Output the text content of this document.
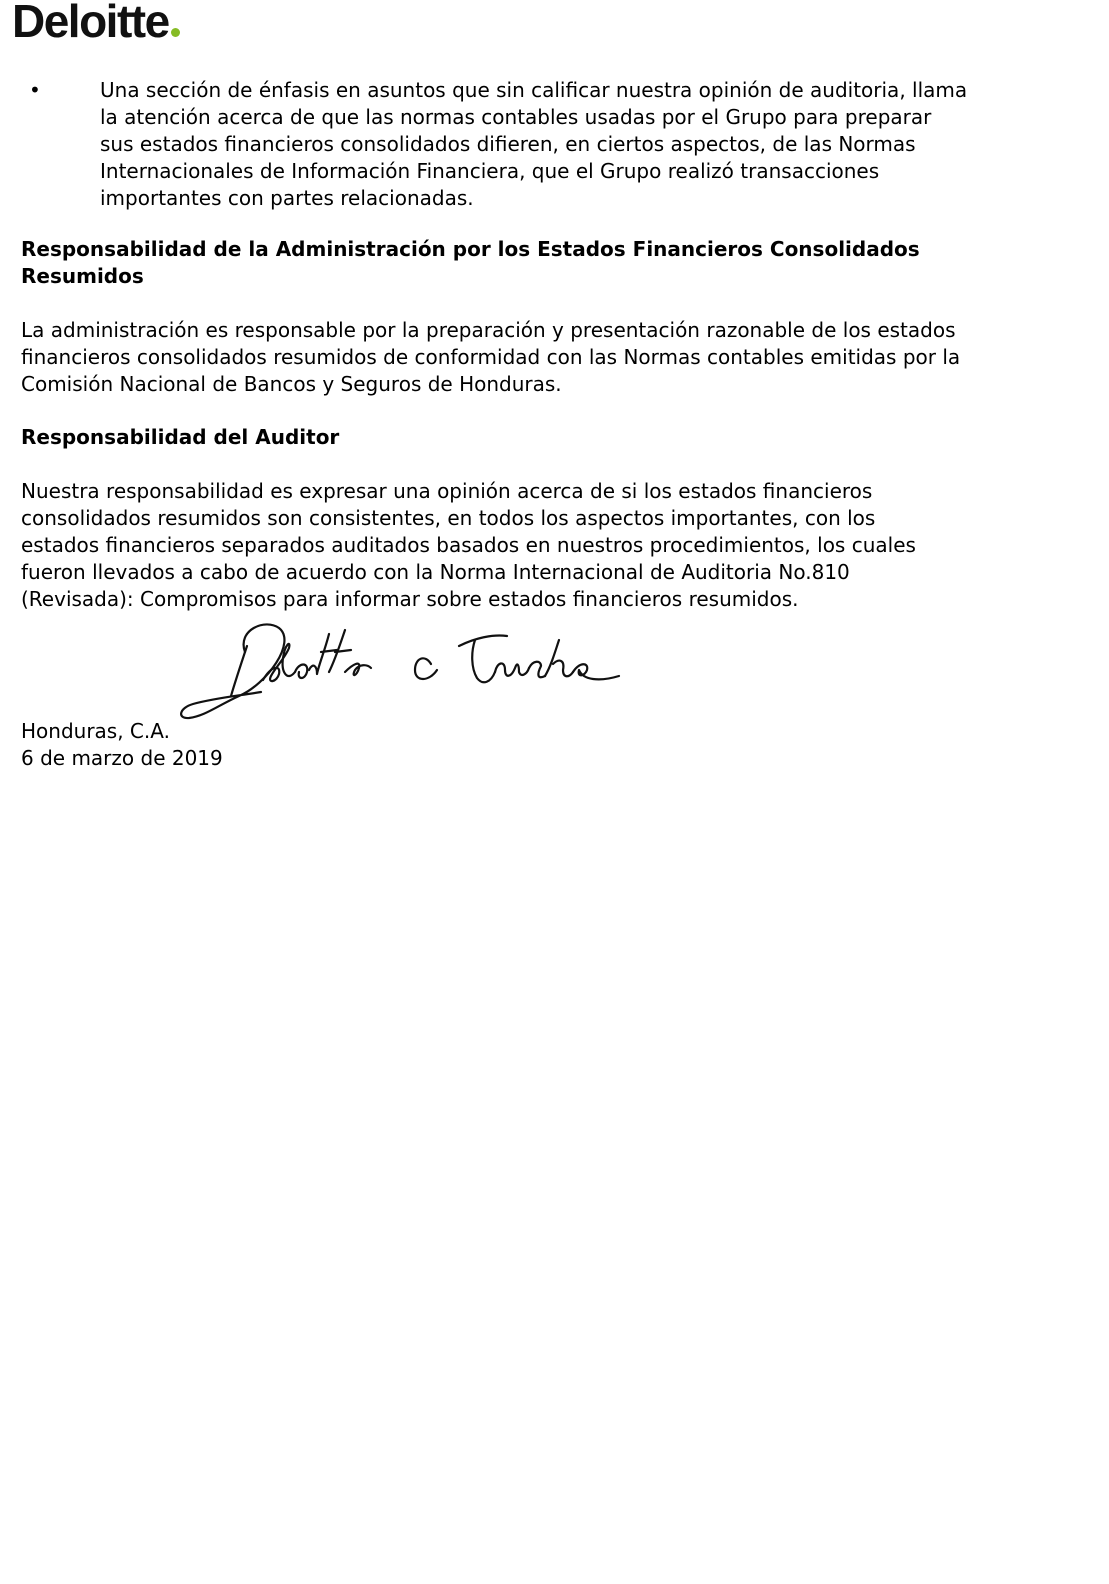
Deloitte
•	Una sección de énfasis en asuntos que sin calificar nuestra opinión de auditoria, llama
la atención acerca de que las normas contables usadas por el Grupo para preparar
sus estados financieros consolidados difieren, en ciertos aspectos, de las Normas
Internacionales de Información Financiera, que el Grupo realizó transacciones
importantes con partes relacionadas.
Responsabilidad de la Administración por los Estados Financieros Consolidados
Resumidos
La administración es responsable por la preparación y presentación razonable de los estados
financieros consolidados resumidos de conformidad con las Normas contables emitidas por la
Comisión Nacional de Bancos y Seguros de Honduras.
Responsabilidad del Auditor
Nuestra responsabilidad es expresar una opinión acerca de si los estados financieros
consolidados resumidos son consistentes, en todos los aspectos importantes, con los
estados financieros separados auditados basados en nuestros procedimientos, los cuales
fueron llevados a cabo de acuerdo con la Norma Internacional de Auditoria No.810
(Revisada): Compromisos para informar sobre estados financieros resumidos.
Honduras, C.A.
6 de marzo de 2019
